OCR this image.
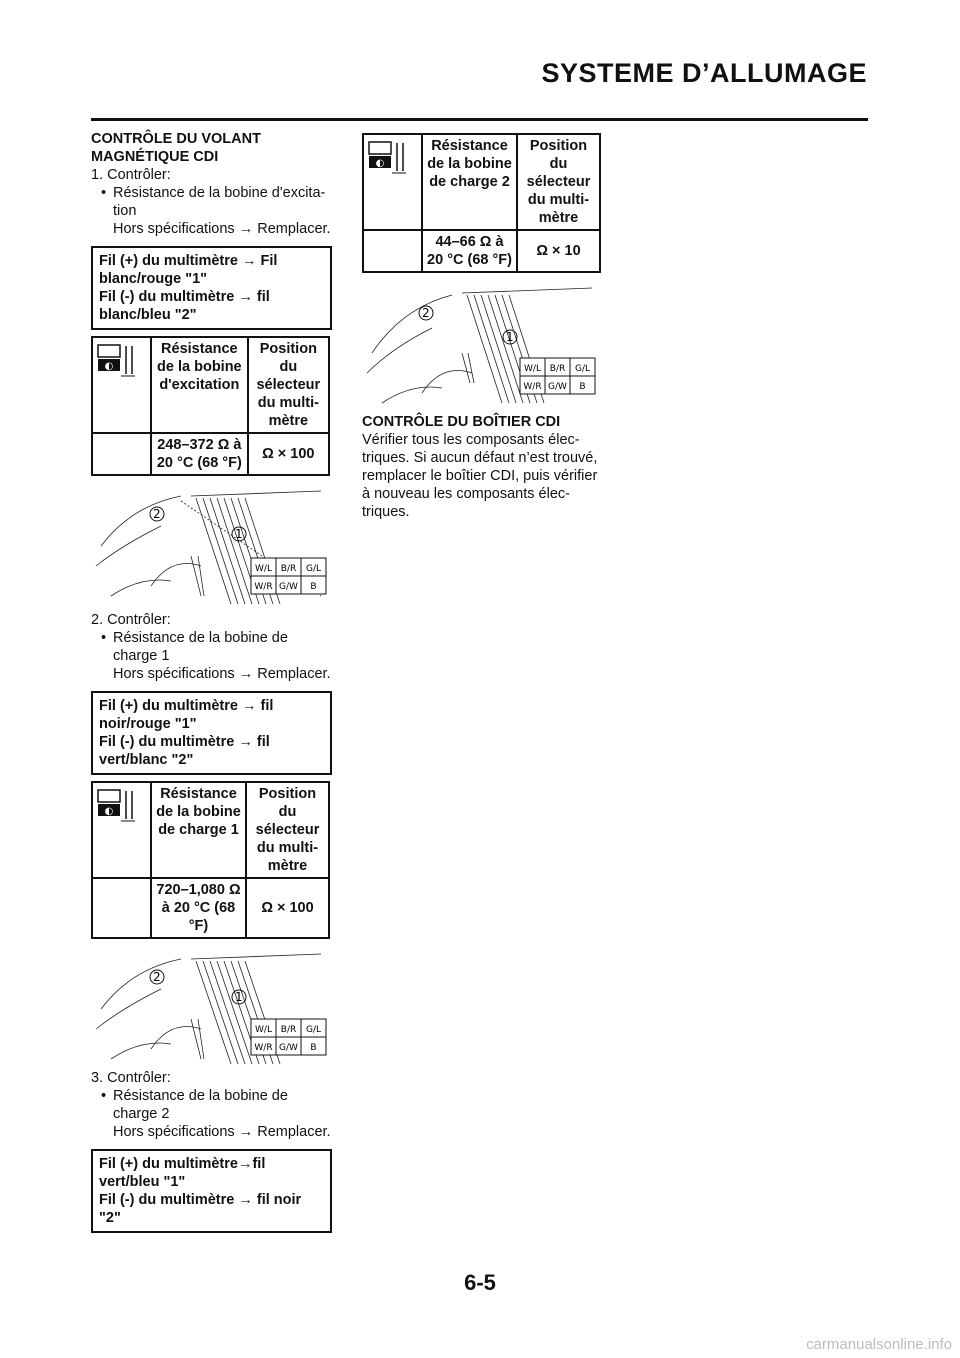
SYSTEME D’ALLUMAGE
CONTRÔLE DU VOLANT
MAGNÉTIQUE CDI
1. Contrôler:
• Résistance de la bobine d'excita-tion
Hors spécifications → Remplacer.
Fil (+) du multimètre → Fil blanc/rouge "1"
Fil (-) du multimètre → fil blanc/bleu "2"
◐	Résistance de la bobine d'excitation	Position du sélecteur du multi-mètre
	248–372 Ω à 20 °C (68 °F)	Ω × 100
2
1
W/L B/R G/L
W/R G/W B
2. Contrôler:
• Résistance de la bobine de charge 1
Hors spécifications → Remplacer.
Fil (+) du multimètre → fil noir/rouge "1"
Fil (-) du multimètre → fil vert/blanc "2"
◐	Résistance de la bobine de charge 1	Position du sélecteur du multi-mètre
	720–1,080 Ω à 20 °C (68 °F)	Ω × 100
2
1
W/L B/R G/L
W/R G/W B
3. Contrôler:
• Résistance de la bobine de charge 2
Hors spécifications → Remplacer.
Fil (+) du multimètre→fil vert/bleu "1"
Fil (-) du multimètre → fil noir "2"
◐	Résistance de la bobine de charge 2	Position du sélecteur du multi-mètre
	44–66 Ω à 20 °C (68 °F)	Ω × 10
2
1
W/L B/R G/L
W/R G/W B
CONTRÔLE DU BOÎTIER CDI
Vérifier tous les composants élec-triques. Si aucun défaut n’est trouvé, remplacer le boîtier CDI, puis vérifier à nouveau les composants élec-triques.
6-5
carmanualsonline.info
